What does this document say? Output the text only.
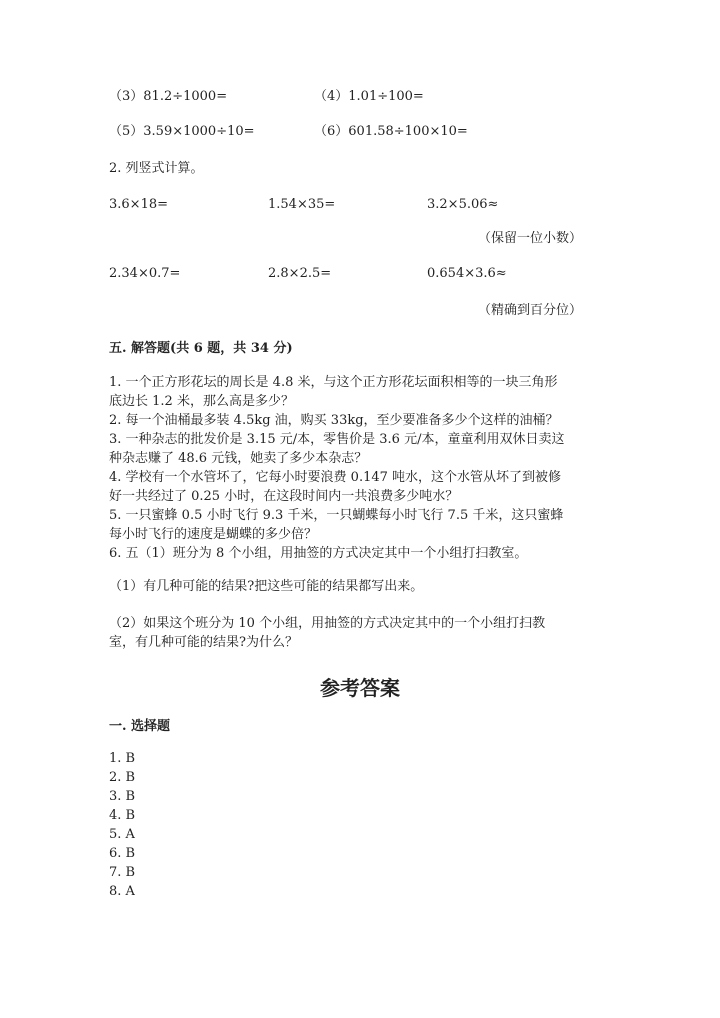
（3）81.2÷1000=	（4）1.01÷100=
（5）3.59×1000÷10=	（6）601.58÷100×10=
2. 列竖式计算。
3.6×18=	1.54×35=	3.2×5.06≈
（保留一位小数）
2.34×0.7=	2.8×2.5=	0.654×3.6≈
（精确到百分位）
五. 解答题(共 6 题，共 34 分)
1. 一个正方形花坛的周长是 4.8 米，与这个正方形花坛面积相等的一块三角形
底边长 1.2 米，那么高是多少？
2. 每一个油桶最多装 4.5kg 油，购买 33kg，至少要准备多少个这样的油桶？
3. 一种杂志的批发价是 3.15 元/本，零售价是 3.6 元/本，童童利用双休日卖这
种杂志赚了 48.6 元钱，她卖了多少本杂志？
4. 学校有一个水管坏了，它每小时要浪费 0.147 吨水，这个水管从坏了到被修
好一共经过了 0.25 小时，在这段时间内一共浪费多少吨水？
5. 一只蜜蜂 0.5 小时飞行 9.3 千米，一只蝴蝶每小时飞行 7.5 千米，这只蜜蜂
每小时飞行的速度是蝴蝶的多少倍？
6. 五（1）班分为 8 个小组，用抽签的方式决定其中一个小组打扫教室。
（1）有几种可能的结果?把这些可能的结果都写出来。
（2）如果这个班分为 10 个小组，用抽签的方式决定其中的一个小组打扫教
室，有几种可能的结果?为什么？
参考答案
一. 选择题
1. B
2. B
3. B
4. B
5. A
6. B
7. B
8. A
